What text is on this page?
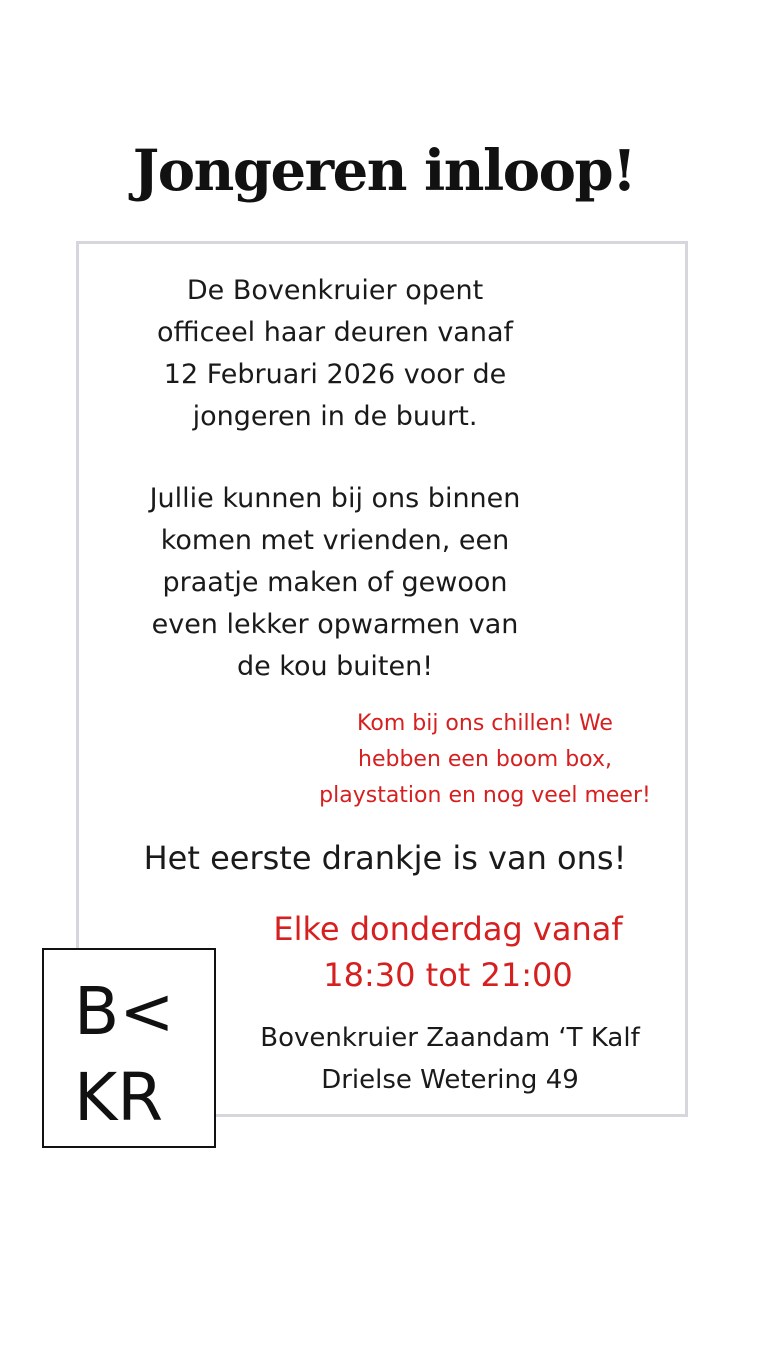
Jongeren inloop!

De Bovenkruier opent
officeel haar deuren vanaf
12 Februari 2026 voor de
jongeren in de buurt.

Jullie kunnen bij ons binnen
komen met vrienden, een
praatje maken of gewoon
even lekker opwarmen van
de kou buiten!

Kom bij ons chillen! We
hebben een boom box,
playstation en nog veel meer!

Het eerste drankje is van ons!

Elke donderdag vanaf
18:30 tot 21:00

Bovenkruier Zaandam ‘T Kalf
Drielse Wetering 49

B<
KR
